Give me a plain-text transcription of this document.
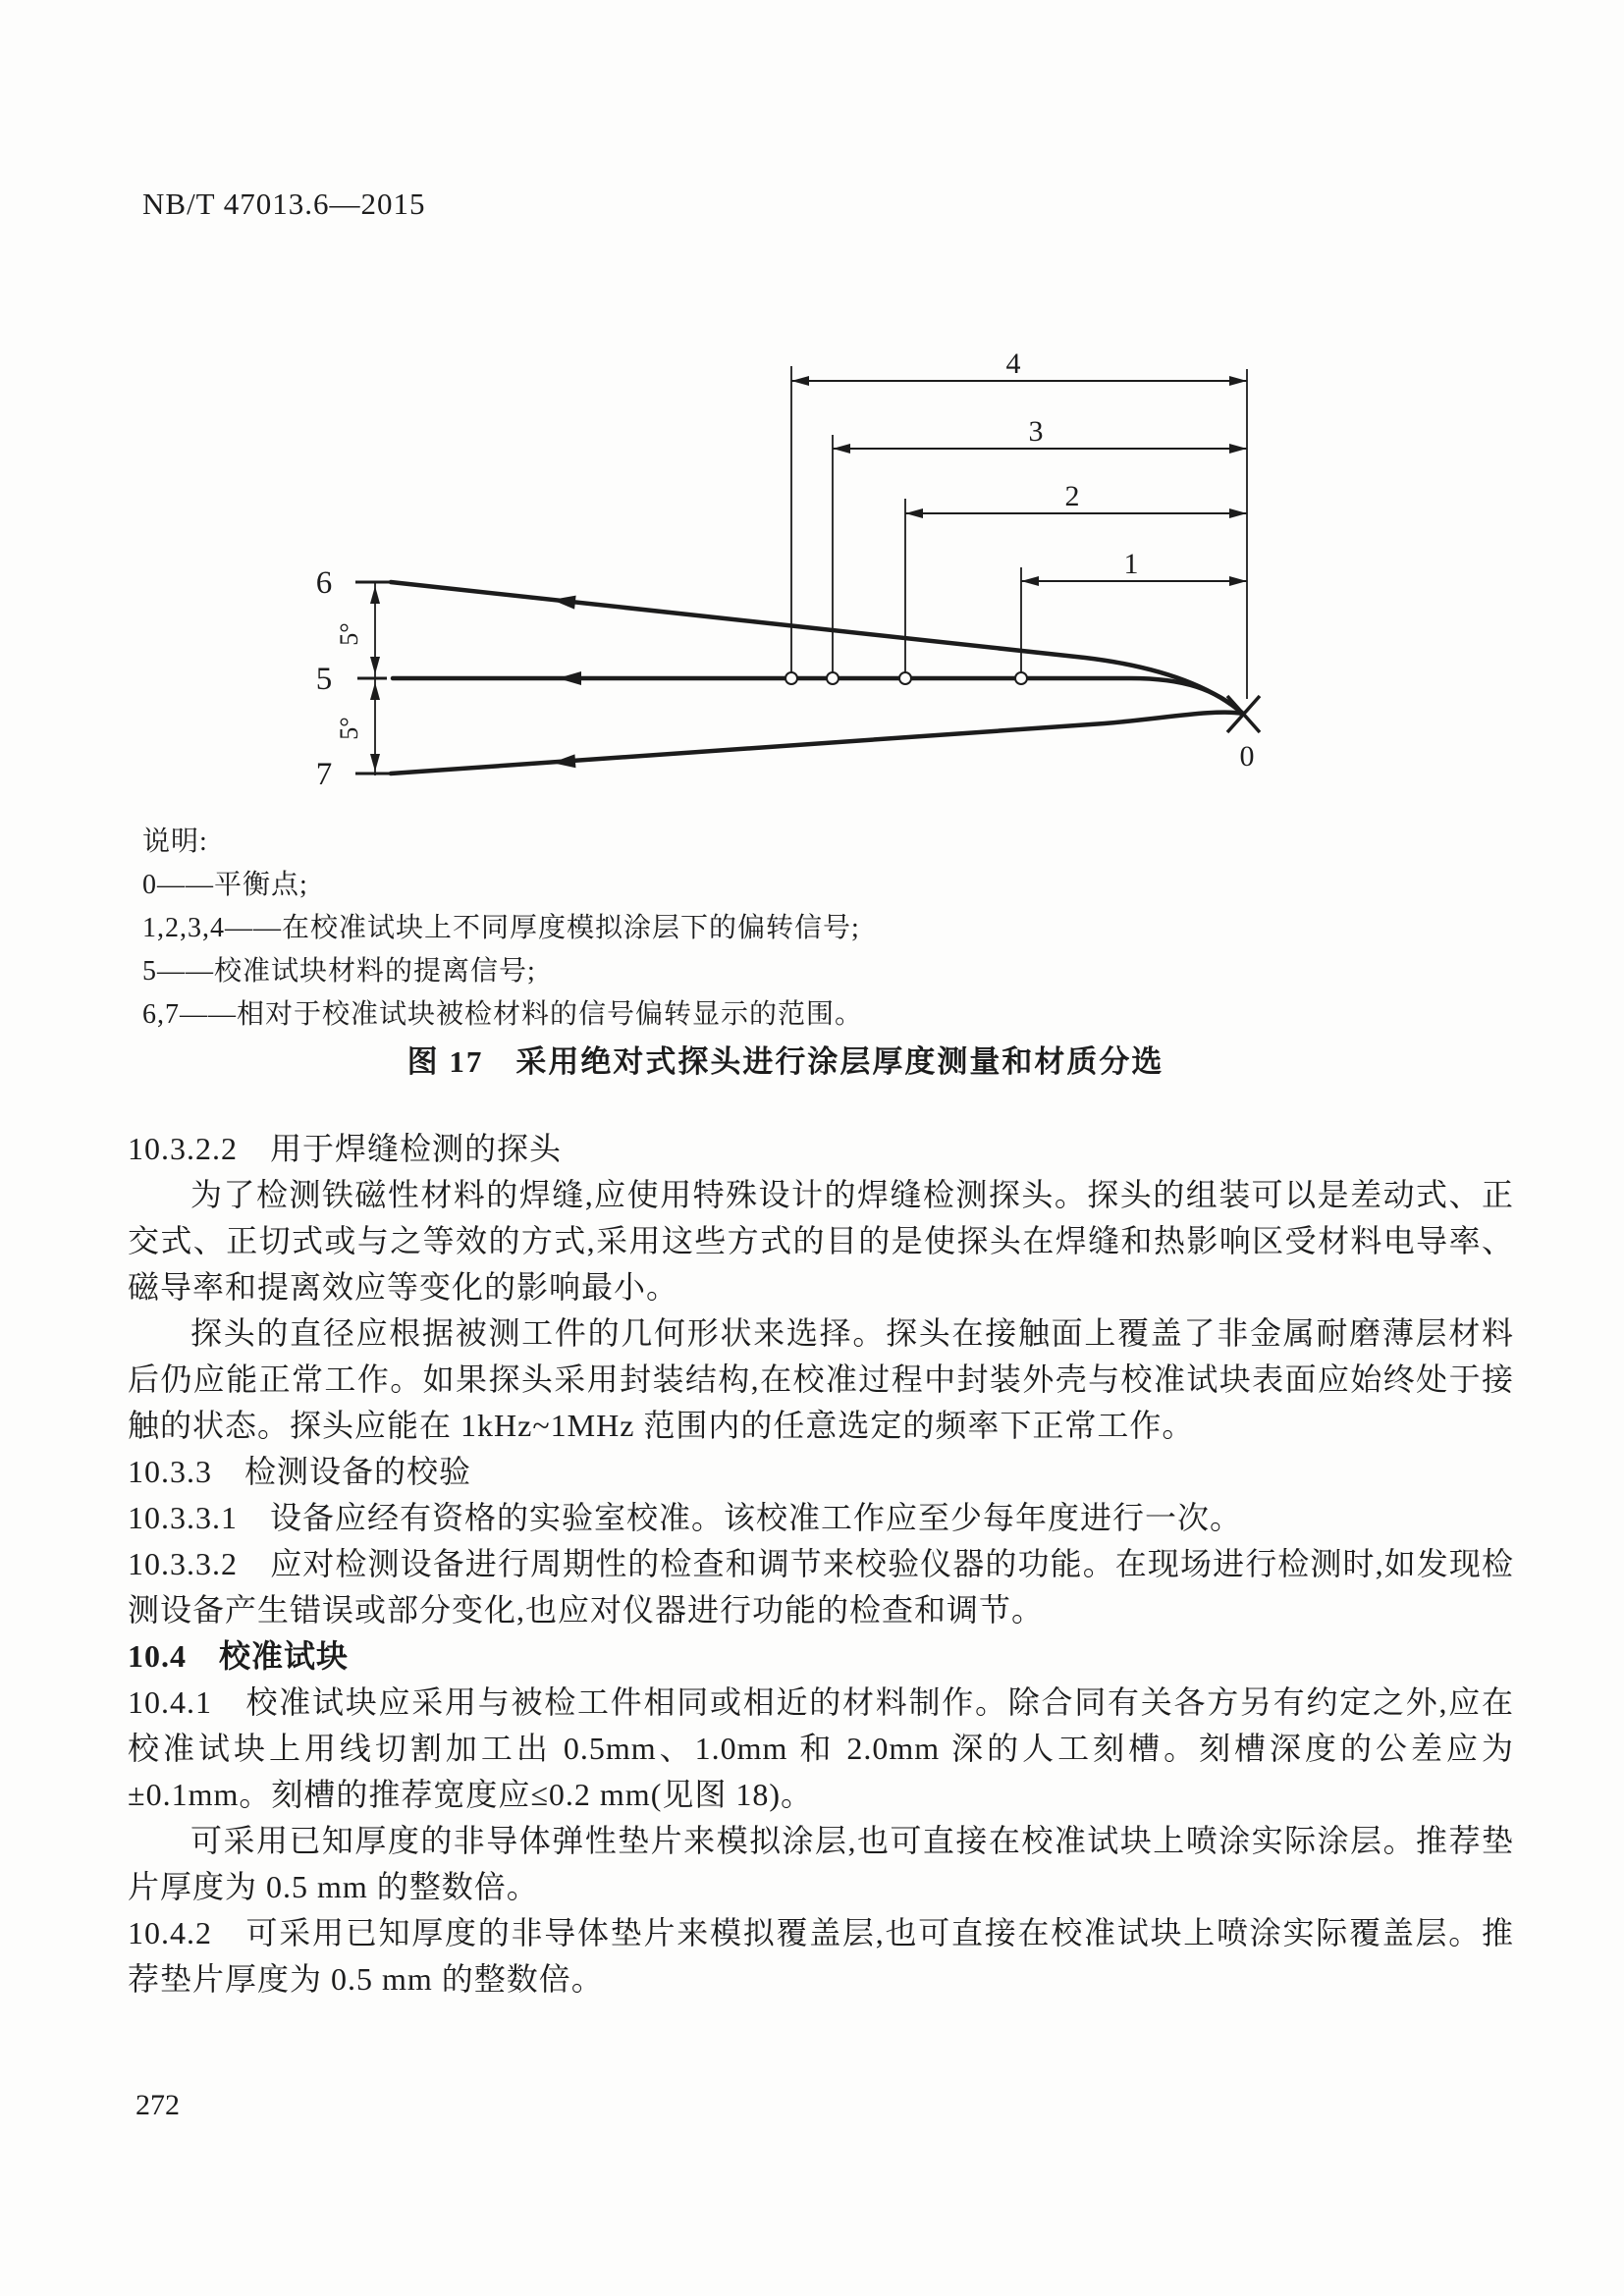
NB/T 47013.6—2015
4
3
2
1
5°
5°
6
5
7
0
说明:
0——平衡点;
1,2,3,4——在校准试块上不同厚度模拟涂层下的偏转信号;
5——校准试块材料的提离信号;
6,7——相对于校准试块被检材料的信号偏转显示的范围。
图 17　采用绝对式探头进行涂层厚度测量和材质分选

10.3.2.2　用于焊缝检测的探头

为了检测铁磁性材料的焊缝,应使用特殊设计的焊缝检测探头。探头的组装可以是差动式、正交式、正切式或与之等效的方式,采用这些方式的目的是使探头在焊缝和热影响区受材料电导率、磁导率和提离效应等变化的影响最小。

探头的直径应根据被测工件的几何形状来选择。探头在接触面上覆盖了非金属耐磨薄层材料后仍应能正常工作。如果探头采用封装结构,在校准过程中封装外壳与校准试块表面应始终处于接触的状态。探头应能在 1kHz~1MHz 范围内的任意选定的频率下正常工作。

10.3.3　检测设备的校验

10.3.3.1　设备应经有资格的实验室校准。该校准工作应至少每年度进行一次。

10.3.3.2　应对检测设备进行周期性的检查和调节来校验仪器的功能。在现场进行检测时,如发现检测设备产生错误或部分变化,也应对仪器进行功能的检查和调节。

10.4　校准试块

10.4.1　校准试块应采用与被检工件相同或相近的材料制作。除合同有关各方另有约定之外,应在校准试块上用线切割加工出 0.5mm、1.0mm 和 2.0mm 深的人工刻槽。刻槽深度的公差应为±0.1mm。刻槽的推荐宽度应≤0.2 mm(见图 18)。

可采用已知厚度的非导体弹性垫片来模拟涂层,也可直接在校准试块上喷涂实际涂层。推荐垫片厚度为 0.5 mm 的整数倍。

10.4.2　可采用已知厚度的非导体垫片来模拟覆盖层,也可直接在校准试块上喷涂实际覆盖层。推荐垫片厚度为 0.5 mm 的整数倍。

272
